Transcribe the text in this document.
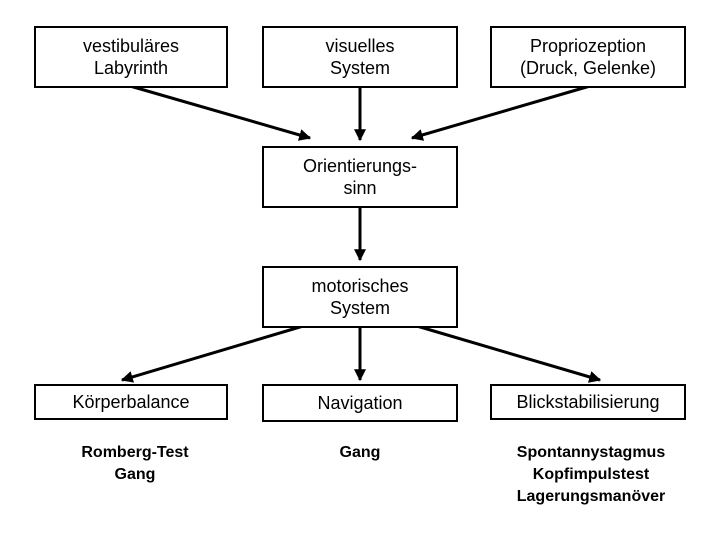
vestibuläres
Labyrinth
visuelles
System
Propriozeption
(Druck, Gelenke)
Orientierungs-
sinn
motorisches
System
Körperbalance	Navigation	Blickstabilisierung
Romberg-Test
Gang
Gang	Spontannystagmus
Kopfimpulstest
Lagerungsmanöver
